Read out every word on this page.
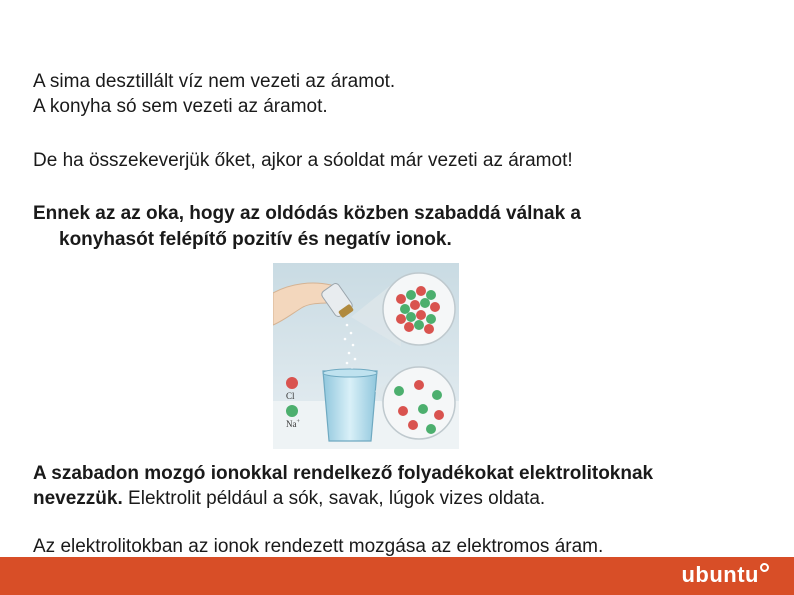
A sima desztillált víz nem vezeti az áramot.
A konyha só sem vezeti az áramot.
De ha összekeverjük őket, ajkor a sóoldat már vezeti az áramot!
Ennek az az oka, hogy az oldódás közben szabaddá válnak a
konyhasót felépítő pozitív és negatív ionok.
Cl
Na+
A szabadon mozgó ionokkal rendelkező folyadékokat elektrolitoknak
nevezzük. Elektrolit például a sók, savak, lúgok vizes oldata.
Az elektrolitokban az ionok rendezett mozgása az elektromos áram.
ubuntu
